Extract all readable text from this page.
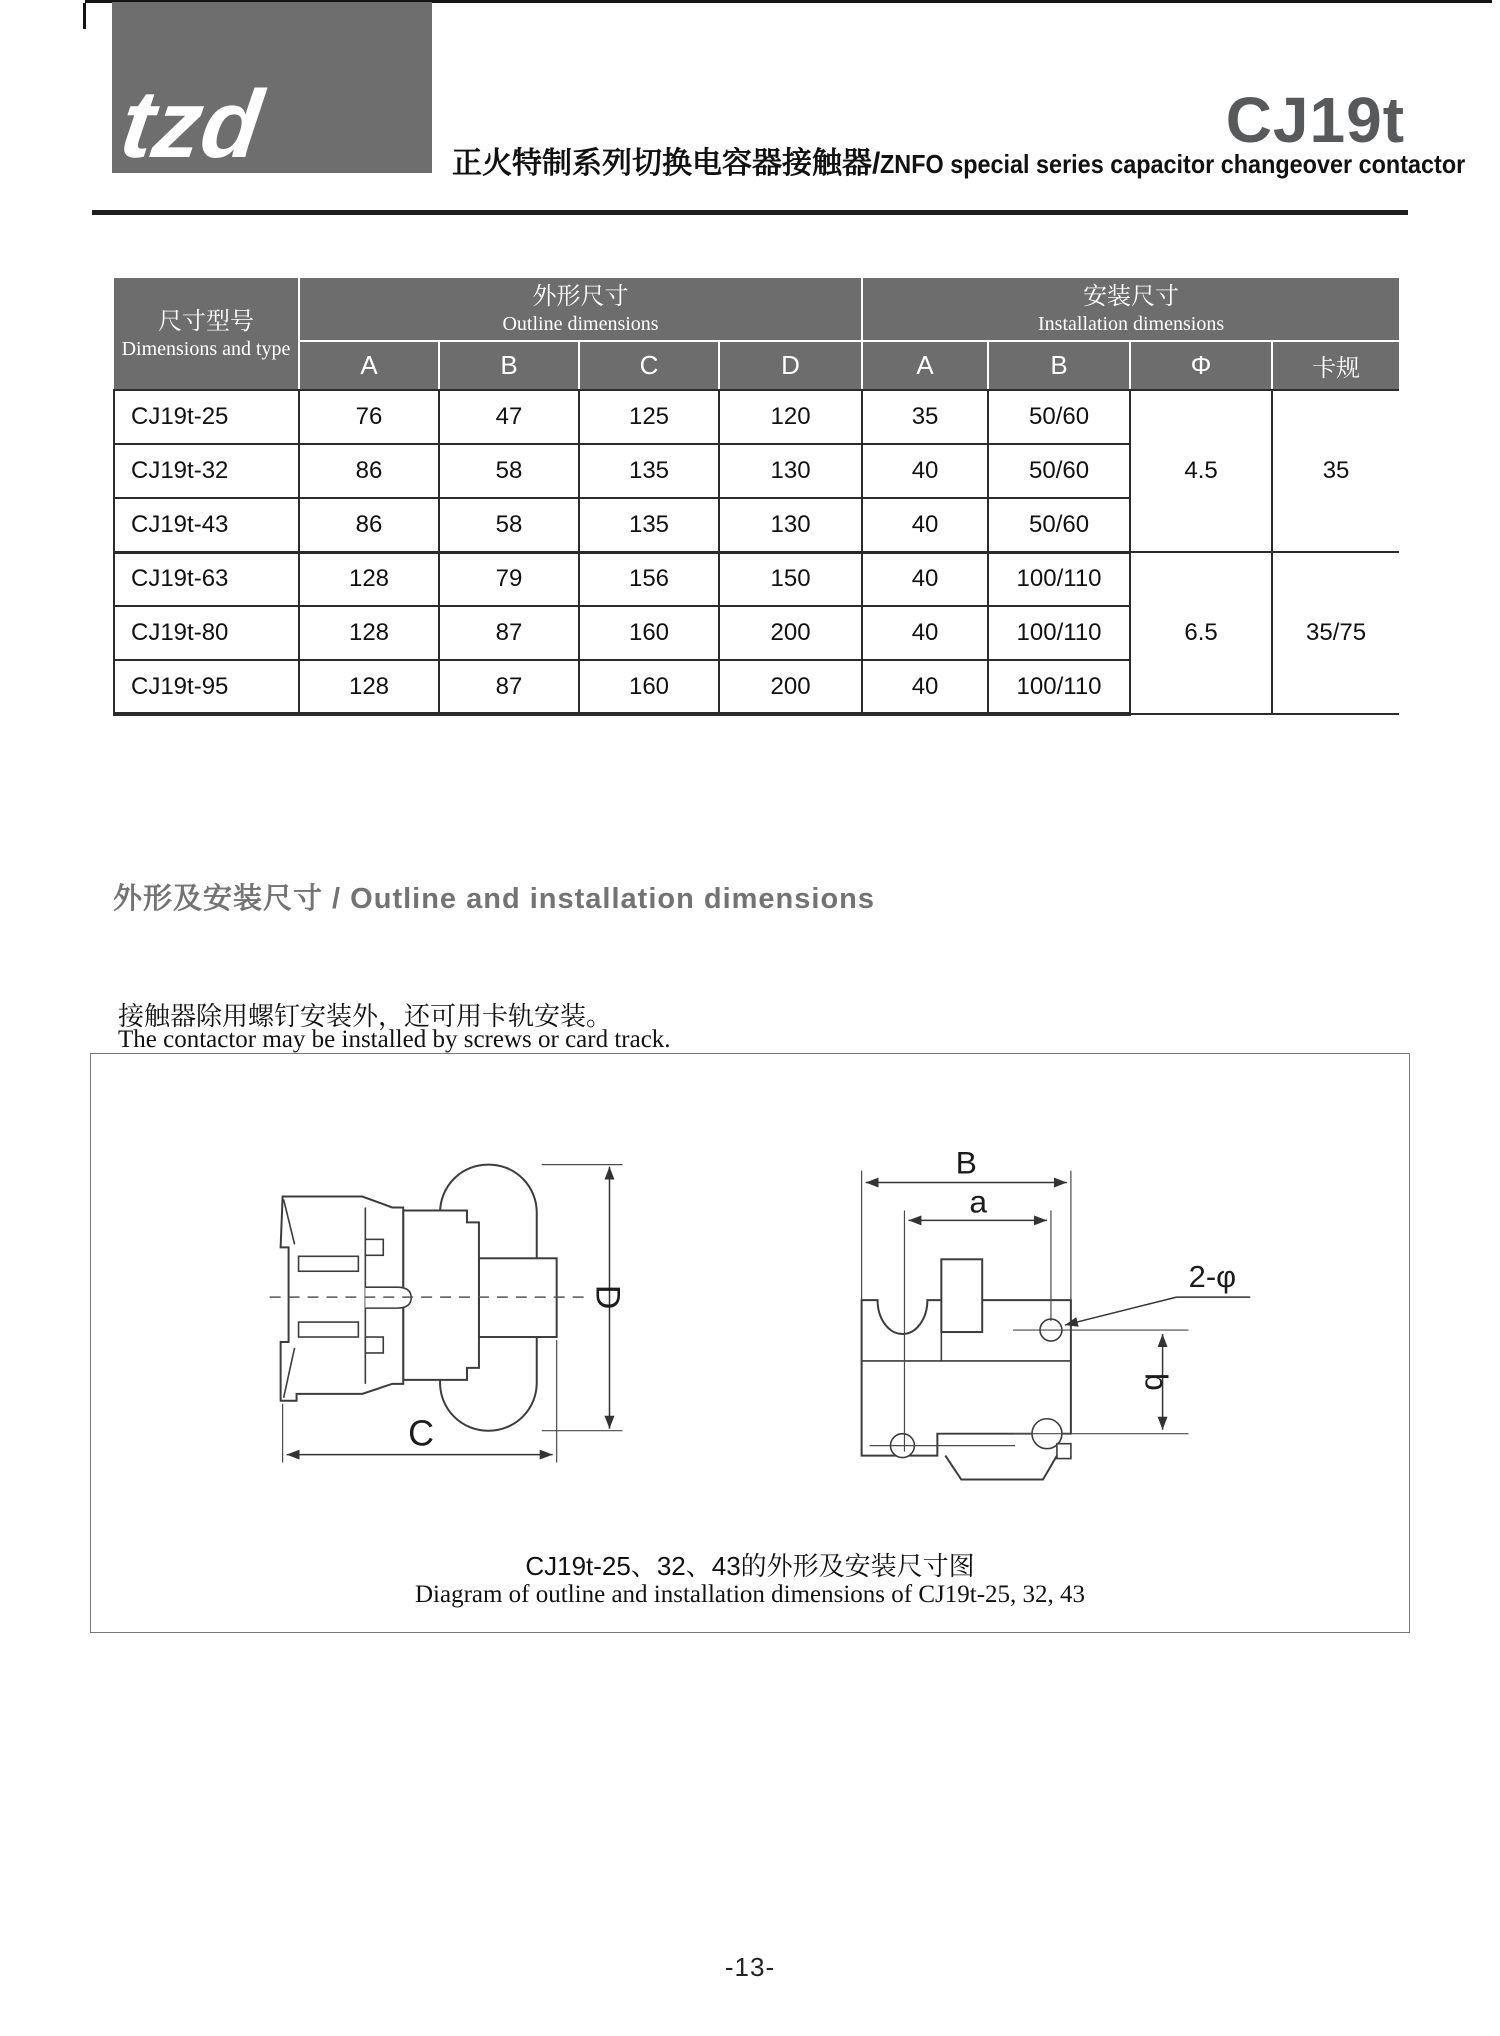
tzd	CJ19t
正火特制系列切换电容器接触器/ZNFO special series capacitor changeover contactor
尺寸型号
Dimensions and type	外形尺寸
Outline dimensions				安装尺寸
Installation dimensions			

	A	B	C	D	A	B	Φ	卡规
CJ19t-25	76	47	125	120	35	50/60	4.5	35
CJ19t-32	86	58	135	130	40	50/60		
CJ19t-43	86	58	135	130	40	50/60		
CJ19t-63	128	79	156	150	40	100/110	6.5	35/75
CJ19t-80	128	87	160	200	40	100/110		
CJ19t-95	128	87	160	200	40	100/110		
外形及安装尺寸 / Outline and installation dimensions
接触器除用螺钉安装外，还可用卡轨安装。
The contactor may be installed by screws or card track.
D
C
B
a
b
2-φ
CJ19t-25、32、43的外形及安装尺寸图
Diagram of outline and installation dimensions of CJ19t-25, 32, 43
-13-
